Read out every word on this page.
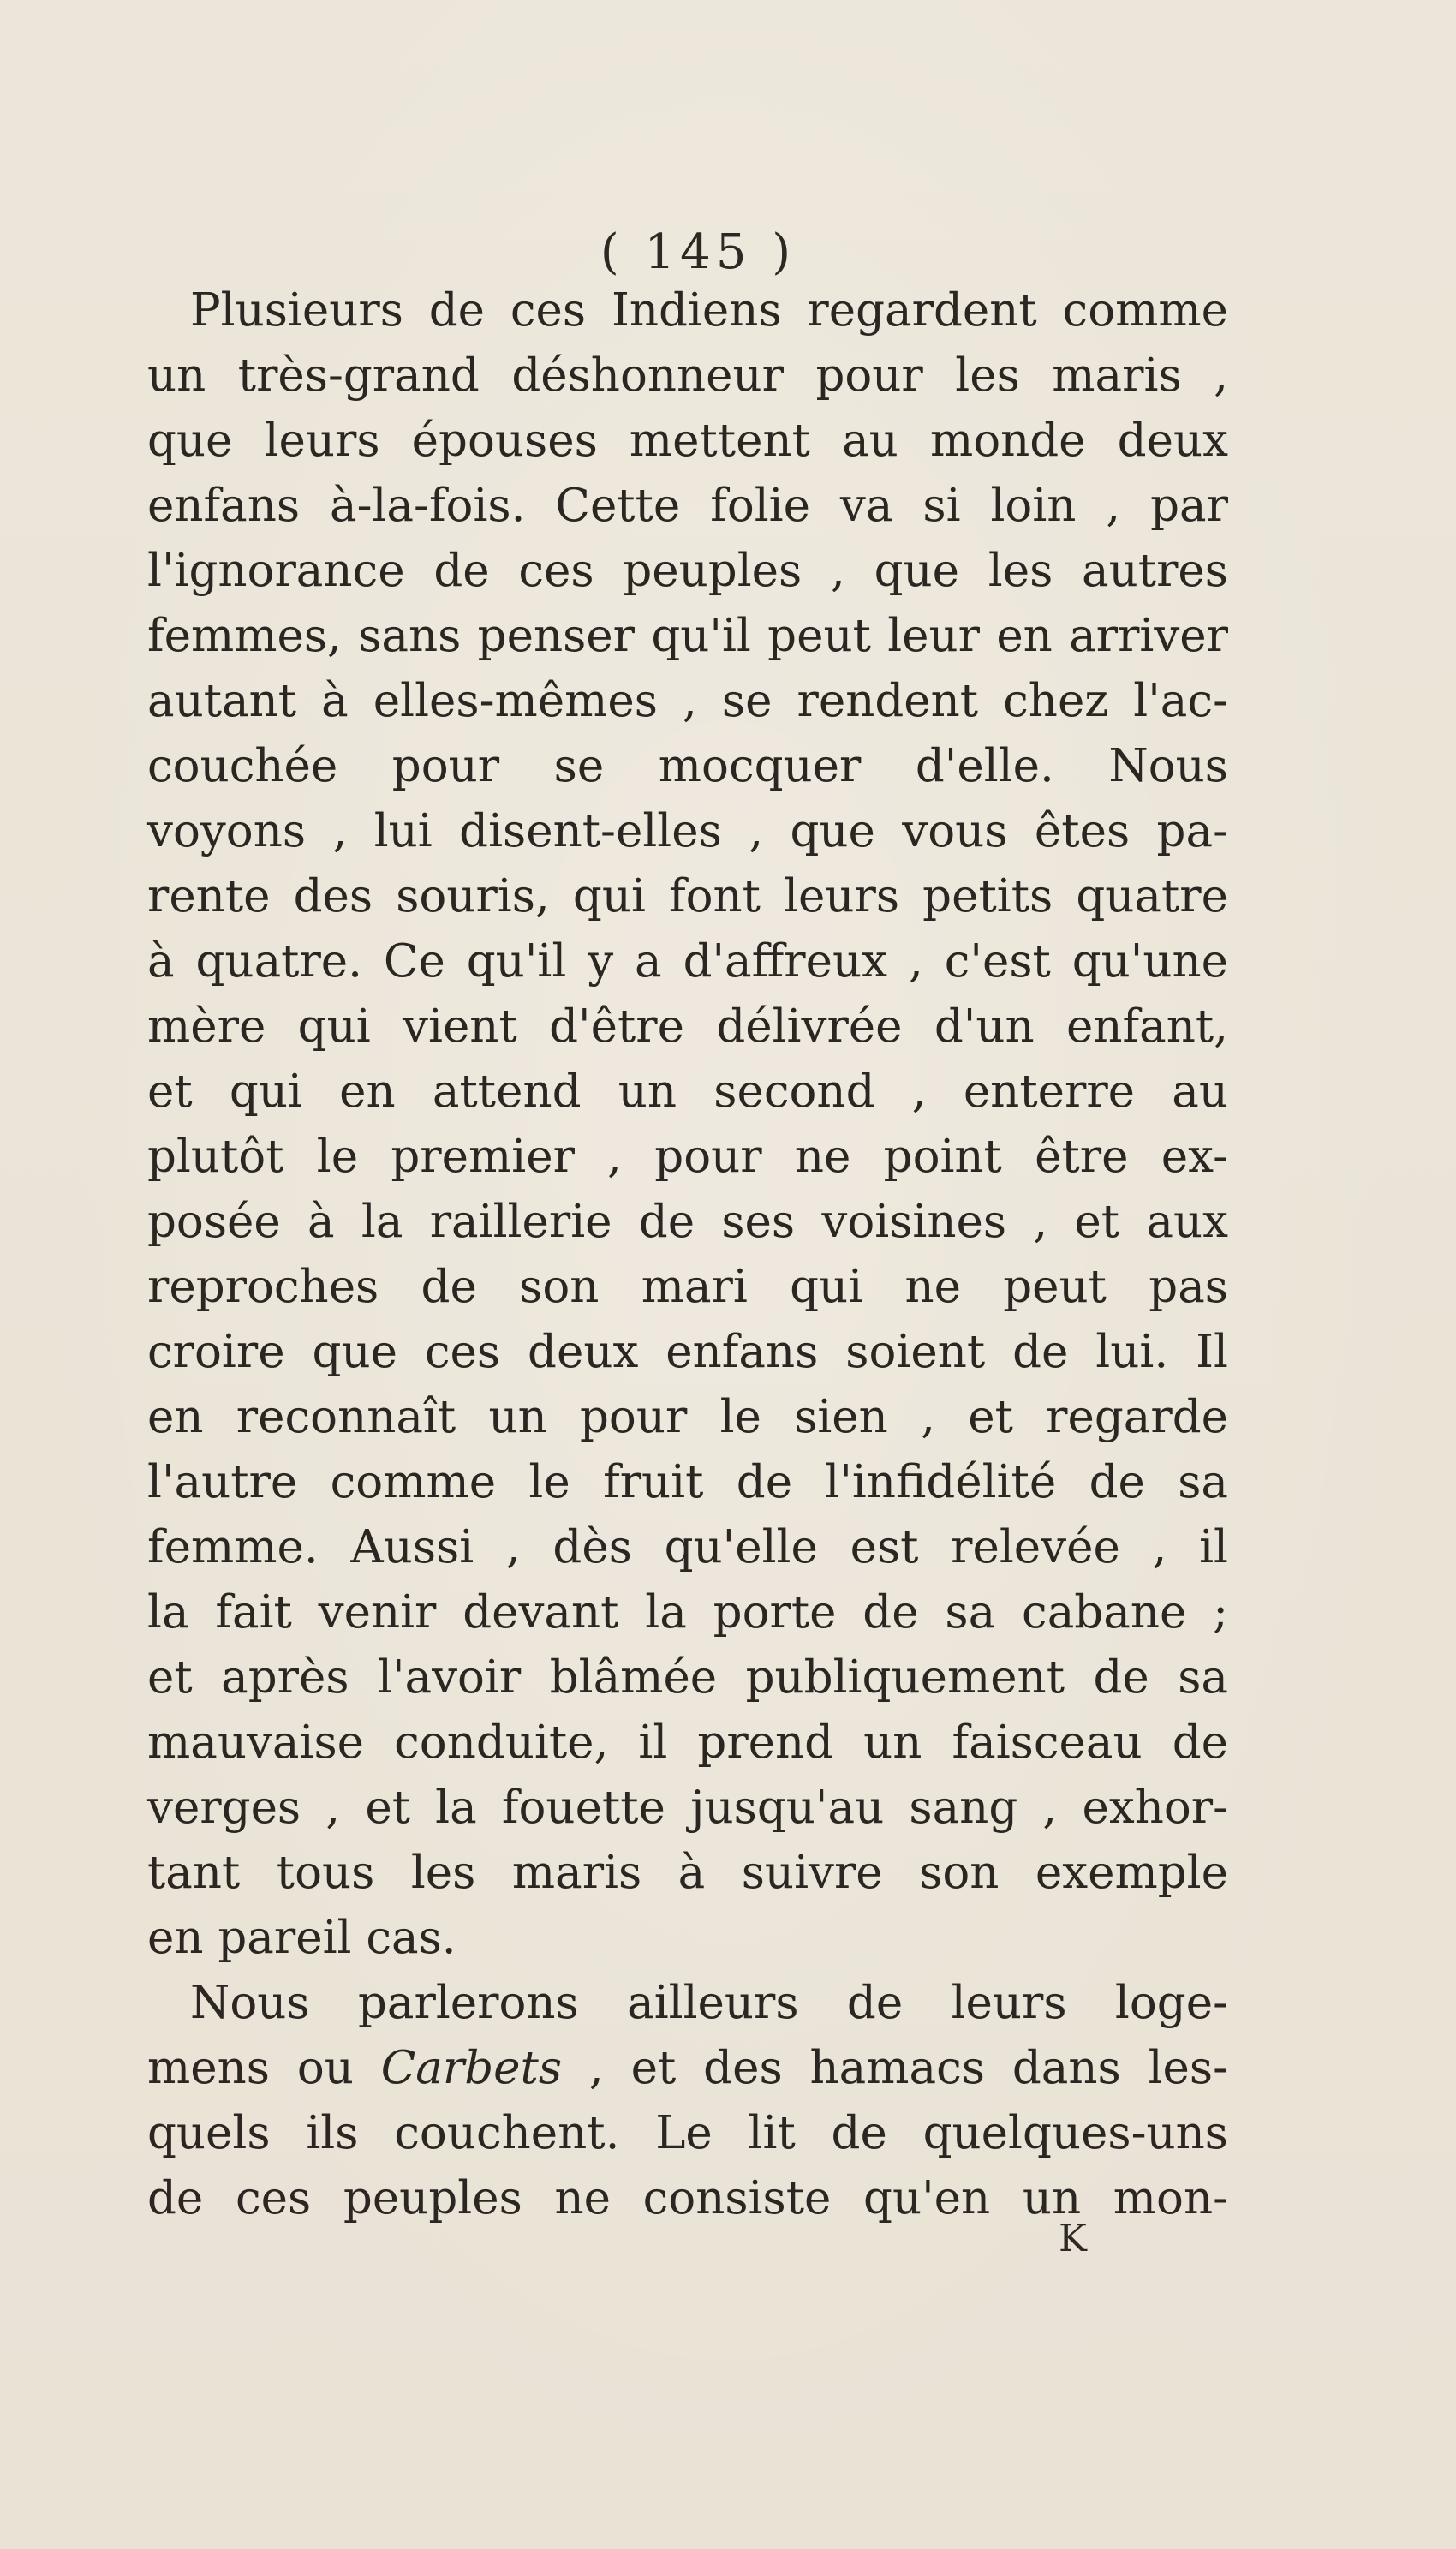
( 145 )
Plusieurs de ces Indiens regardent comme
un très-grand déshonneur pour les maris ,
que leurs épouses mettent au monde deux
enfans à-la-fois. Cette folie va si loin , par
l'ignorance de ces peuples , que les autres
femmes, sans penser qu'il peut leur en arriver
autant à elles-mêmes , se rendent chez l'ac-
couchée pour se mocquer d'elle. Nous
voyons , lui disent-elles , que vous êtes pa-
rente des souris, qui font leurs petits quatre
à quatre. Ce qu'il y a d'affreux , c'est qu'une
mère qui vient d'être délivrée d'un enfant,
et qui en attend un second , enterre au
plutôt le premier , pour ne point être ex-
posée à la raillerie de ses voisines , et aux
reproches de son mari qui ne peut pas
croire que ces deux enfans soient de lui. Il
en reconnaît un pour le sien , et regarde
l'autre comme le fruit de l'infidélité de sa
femme. Aussi , dès qu'elle est relevée , il
la fait venir devant la porte de sa cabane ;
et après l'avoir blâmée publiquement de sa
mauvaise conduite, il prend un faisceau de
verges , et la fouette jusqu'au sang , exhor-
tant tous les maris à suivre son exemple
en pareil cas.
Nous parlerons ailleurs de leurs loge-
mens ou Carbets , et des hamacs dans les-
quels ils couchent. Le lit de quelques-uns
de ces peuples ne consiste qu'en un mon-
K
